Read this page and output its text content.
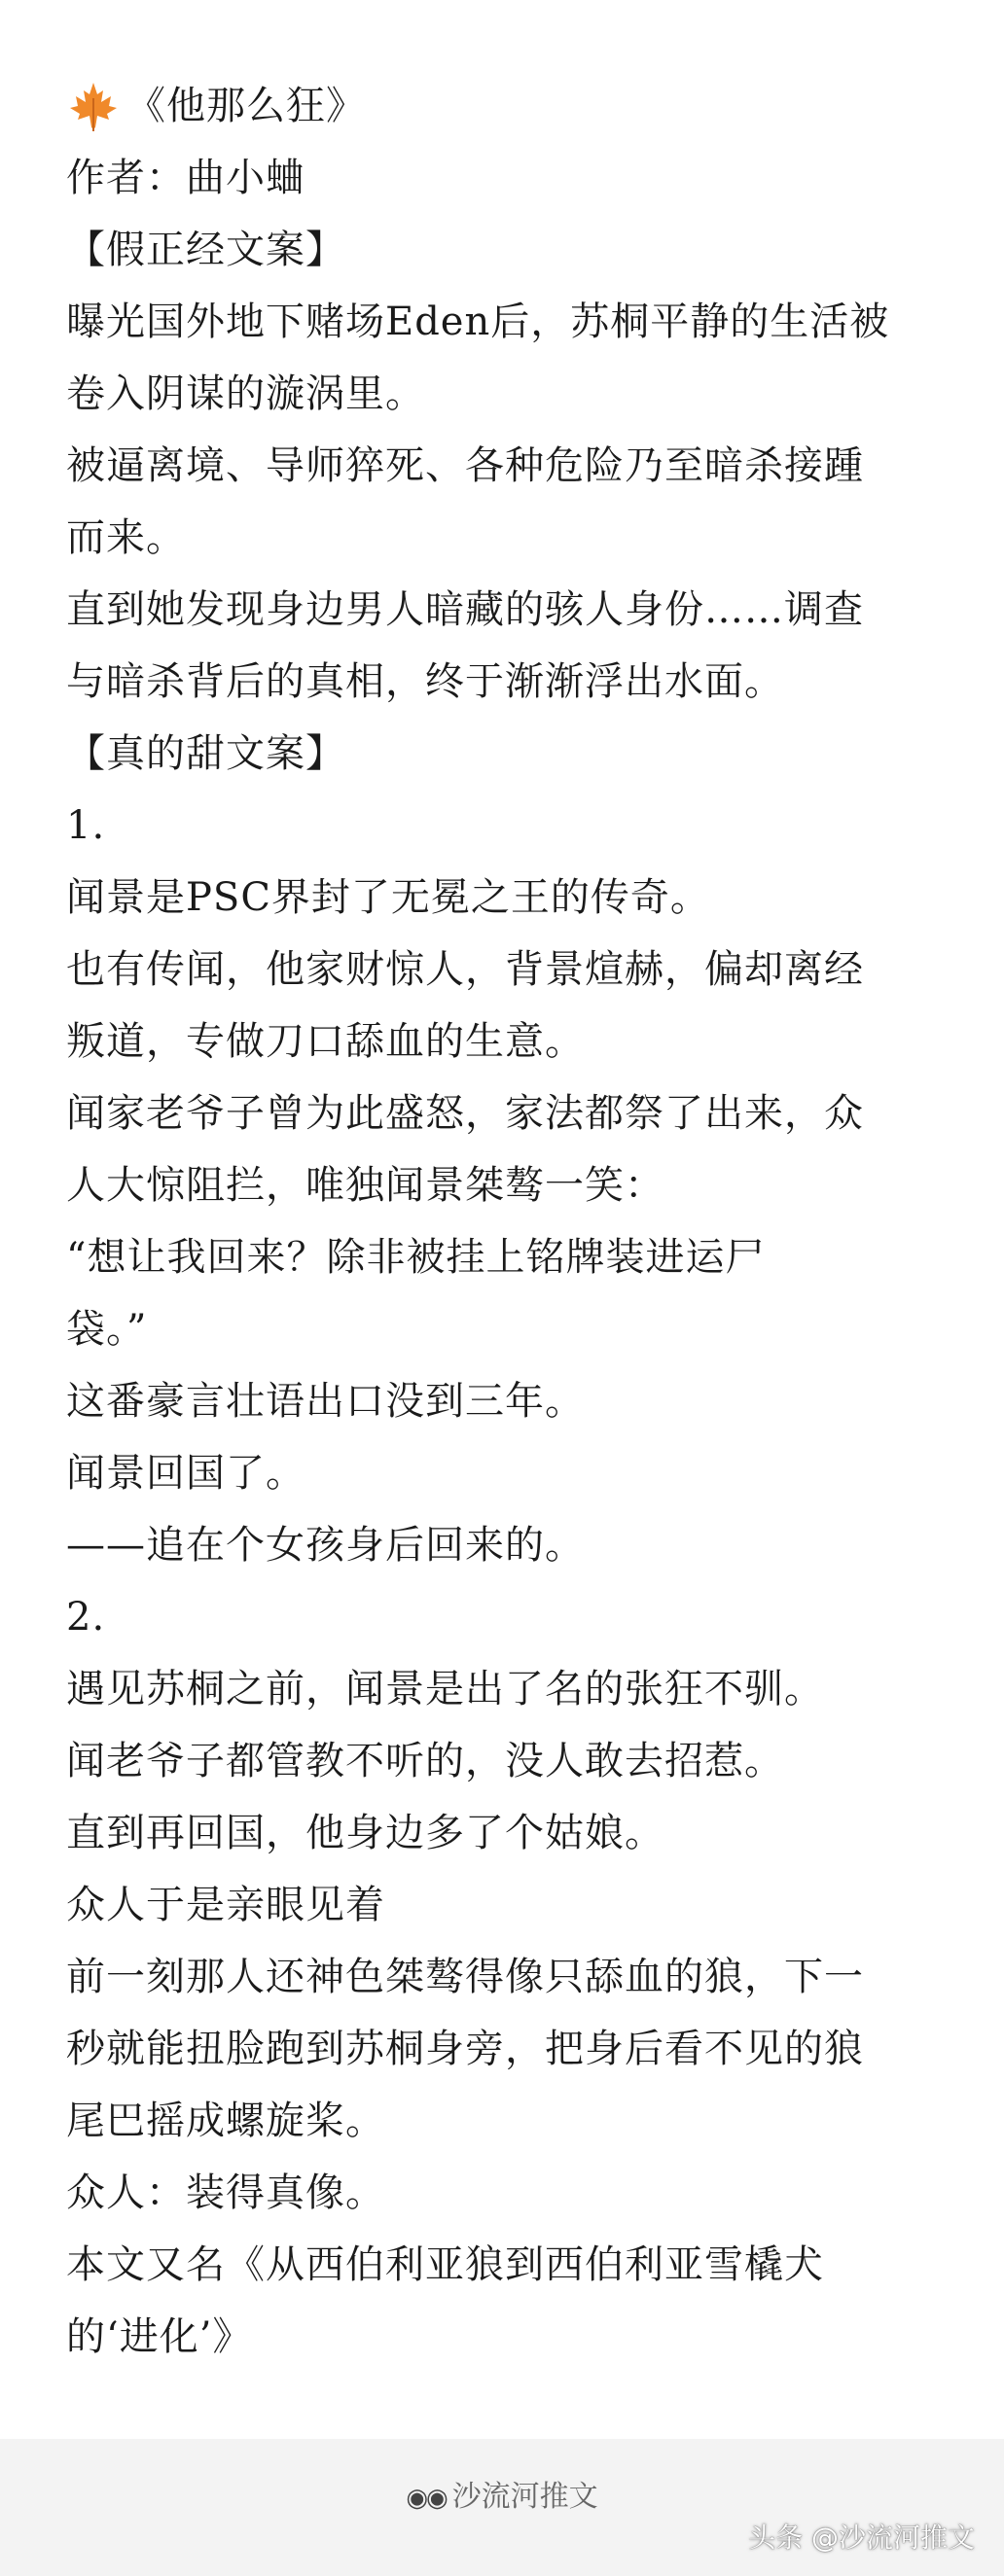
《他那么狂》
作者：曲小蛐
【假正经文案】
曝光国外地下赌场Eden后，苏桐平静的生活被
卷入阴谋的漩涡里。
被逼离境、导师猝死、各种危险乃至暗杀接踵
而来。
直到她发现身边男人暗藏的骇人身份……调查
与暗杀背后的真相，终于渐渐浮出水面。
【真的甜文案】
1.
闻景是PSC界封了无冕之王的传奇。
也有传闻，他家财惊人，背景煊赫，偏却离经
叛道，专做刀口舔血的生意。
闻家老爷子曾为此盛怒，家法都祭了出来，众
人大惊阻拦，唯独闻景桀骜一笑：
“想让我回来？除非被挂上铭牌装进运尸
袋。”
这番豪言壮语出口没到三年。
闻景回国了。
——追在个女孩身后回来的。
2.
遇见苏桐之前，闻景是出了名的张狂不驯。
闻老爷子都管教不听的，没人敢去招惹。
直到再回国，他身边多了个姑娘。
众人于是亲眼见着
前一刻那人还神色桀骜得像只舔血的狼，下一
秒就能扭脸跑到苏桐身旁，把身后看不见的狼
尾巴摇成螺旋桨。
众人：装得真像。
本文又名《从西伯利亚狼到西伯利亚雪橇犬
的‘进化’》
◉◉ 沙流河推文
头条 @沙流河推文
